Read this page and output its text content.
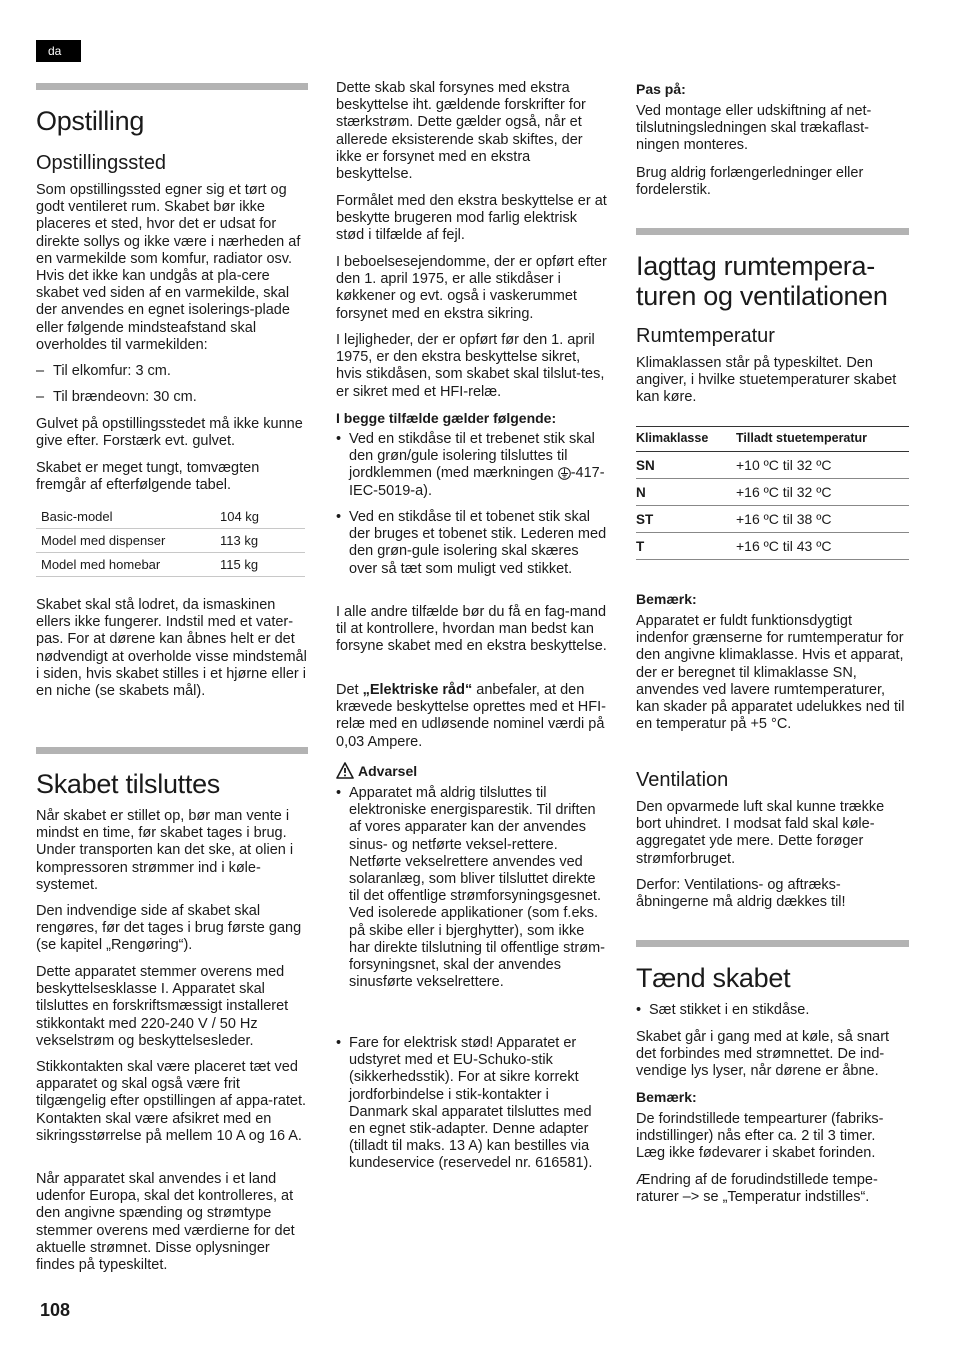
da
Opstilling
Opstillingssted

Som opstillingssted egner sig et tørt og godt ventileret rum. Skabet bør ikke placeres et sted, hvor det er udsat for direkte sollys og ikke være i nærheden af en varmekilde som komfur, radiator osv. Hvis det ikke kan undgås at pla-cere skabet ved siden af en varmekilde, skal der anvendes en egnet isolerings-plade eller følgende mindsteafstand skal overholdes til varmekilden:

– Til elkomfur: 3 cm.

– Til brændeovn: 30 cm.

Gulvet på opstillingsstedet må ikke kunne give efter. Forstærk evt. gulvet.

Skabet er meget tungt, tomvægten fremgår af efterfølgende tabel.

Basic-model	104 kg
Model med dispenser	113 kg
Model med homebar	115 kg

Skabet skal stå lodret, da ismaskinen ellers ikke fungerer. Indstil med et vater-pas. For at dørene kan åbnes helt er det nødvendigt at overholde visse mindstemål i siden, hvis skabet stilles i et hjørne eller i en niche (se skabets mål).

Skabet tilsluttes

Når skabet er stillet op, bør man vente i mindst en time, før skabet tages i brug. Under transporten kan det ske, at olien i kompressoren strømmer ind i køle-systemet.

Den indvendige side af skabet skal rengøres, før det tages i brug første gang (se kapitel „Rengøring“).

Dette apparatet stemmer overens med beskyttelsesklasse I. Apparatet skal tilsluttes en forskriftsmæssigt installeret stikkontakt med 220-240 V / 50 Hz vekselstrøm og beskyttelsesleder.

Stikkontakten skal være placeret tæt ved apparatet og skal også være frit tilgængelig efter opstillingen af appa-ratet. Kontakten skal være afsikret med en sikringsstørrelse på mellem 10 A og 16 A.

Når apparatet skal anvendes i et land udenfor Europa, skal det kontrolleres, at den angivne spænding og strømtype stemmer overens med værdierne for det aktuelle strømnet. Disse oplysninger findes på typeskiltet.

Dette skab skal forsynes med ekstra beskyttelse iht. gældende forskrifter for stærkstrøm. Dette gælder også, når et allerede eksisterende skab skiftes, der ikke er forsynet med en ekstra beskyttelse.

Formålet med den ekstra beskyttelse er at beskytte brugeren mod farlig elektrisk stød i tilfælde af fejl.

I beboelsesejendomme, der er opført efter den 1. april 1975, er alle stikdåser i køkkener og evt. også i vaskerummet forsynet med en ekstra sikring.

I lejligheder, der er opført før den 1. april 1975, er den ekstra beskyttelse sikret, hvis stikdåsen, som skabet skal tilslut-tes, er sikret med et HFI-relæ.

I begge tilfælde gælder følgende:

• Ved en stikdåse til et trebenet stik skal den grøn/gule isolering tilsluttes til jordklemmen (med mærkningen -417-IEC-5019-a).

• Ved en stikdåse til et tobenet stik skal der bruges et tobenet stik. Lederen med den grøn-gule isolering skal skæres over så tæt som muligt ved stikket.

I alle andre tilfælde bør du få en fag-mand til at kontrollere, hvordan man bedst kan forsyne skabet med en ekstra beskyttelse.

Det „Elektriske råd“ anbefaler, at den krævede beskyttelse oprettes med et HFI-relæ med en udløsende nominel værdi på 0,03 Ampere.

Advarsel

• Apparatet må aldrig tilsluttes til elektroniske energisparestik. Til driften af vores apparater kan der anvendes sinus- og netførte veksel-rettere. Netførte vekselrettere anvendes ved solaranlæg, som bliver tilsluttet direkte til det offentlige strømforsyningsgesnet. Ved isolerede applikationer (som f.eks. på skibe eller i bjerghytter), som ikke har direkte tilslutning til offentlige strøm-forsyningsnet, skal der anvendes sinusførte vekselrettere.

• Fare for elektrisk stød! Apparatet er udstyret med et EU-Schuko-stik (sikkerhedsstik). For at sikre korrekt jordforbindelse i stik-kontakter i Danmark skal apparatet tilsluttes med en egnet stik-adapter. Denne adapter (tilladt til maks. 13 A) kan bestilles via kundeservice (reservedel nr. 616581).

Pas på:

Ved montage eller udskiftning af net-tilslutningsledningen skal trækaflast-ningen monteres.

Brug aldrig forlængerledninger eller fordelerstik.

Iagttag rumtempera-turen og ventilationen
Rumtemperatur

Klimaklassen står på typeskiltet. Den angiver, i hvilke stuetemperaturer skabet kan køre.

Klimaklasse	Tilladt stuetemperatur
SN	+10 ºC til 32 ºC
N	+16 ºC til 32 ºC
ST	+16 ºC til 38 ºC
T	+16 ºC til 43 ºC

Bemærk:

Apparatet er fuldt funktionsdygtigt indenfor grænserne for rumtemperatur for den angivne klimaklasse. Hvis et apparat, der er beregnet til klimaklasse SN, anvendes ved lavere rumtemperaturer, kan skader på apparatet udelukkes ned til en temperatur på +5 °C.

Ventilation

Den opvarmede luft skal kunne trække bort uhindret. I modsat fald skal køle-aggregatet yde mere. Dette forøger strømforbruget.

Derfor: Ventilations- og aftræks-åbningerne må aldrig dækkes til!

Tænd skabet

• Sæt stikket i en stikdåse.

Skabet går i gang med at køle, så snart det forbindes med strømnettet. De ind-vendige lys lyser, når dørene er åbne.

Bemærk:

De forindstillede tempearturer (fabriks-indstillinger) nås efter ca. 2 til 3 timer. Læg ikke fødevarer i skabet forinden.

Ændring af de forudindstillede tempe-raturer –> se „Temperatur indstilles“.

108
